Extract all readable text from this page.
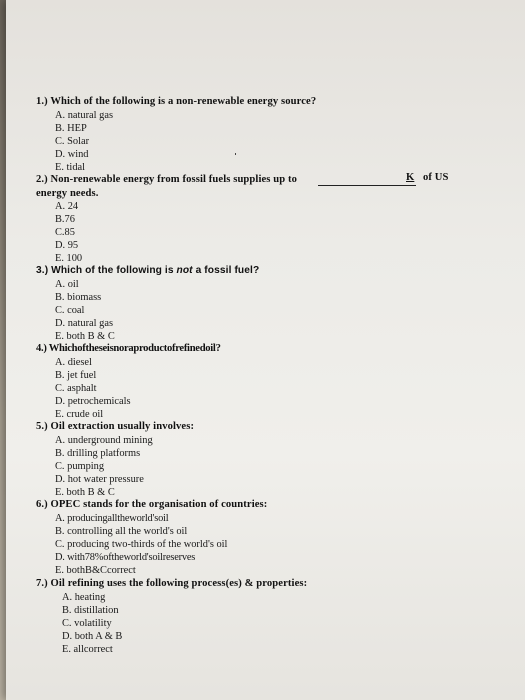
1.) Which of the following is a non-renewable energy source?
A. natural gas
B. HEP
C. Solar
D. wind
E. tidal
2.) Non-renewable energy from fossil fuels supplies up to	K of US
energy needs.
A. 24
B.76
C.85
D. 95
E. 100
3.) Which of the following is not a fossil fuel?
A. oil
B. biomass
C. coal
D. natural gas
E. both B & C
4.) Whichoftheseisnoraproductofrefinedoil?
A. diesel
B. jet fuel
C. asphalt
D. petrochemicals
E. crude oil
5.) Oil extraction usually involves:
A. underground mining
B. drilling platforms
C. pumping
D. hot water pressure
E. both B & C
6.) OPEC stands for the organisation of countries:
A. producingalltheworld'soil
B. controlling all the world's oil
C. producing two-thirds of the world's oil
D. with78%oftheworld'soilreserves
E. bothB&Ccorrect
7.) Oil refining uses the following process(es) & properties:
A. heating
B. distillation
C. volatility
D. both A & B
E. allcorrect
